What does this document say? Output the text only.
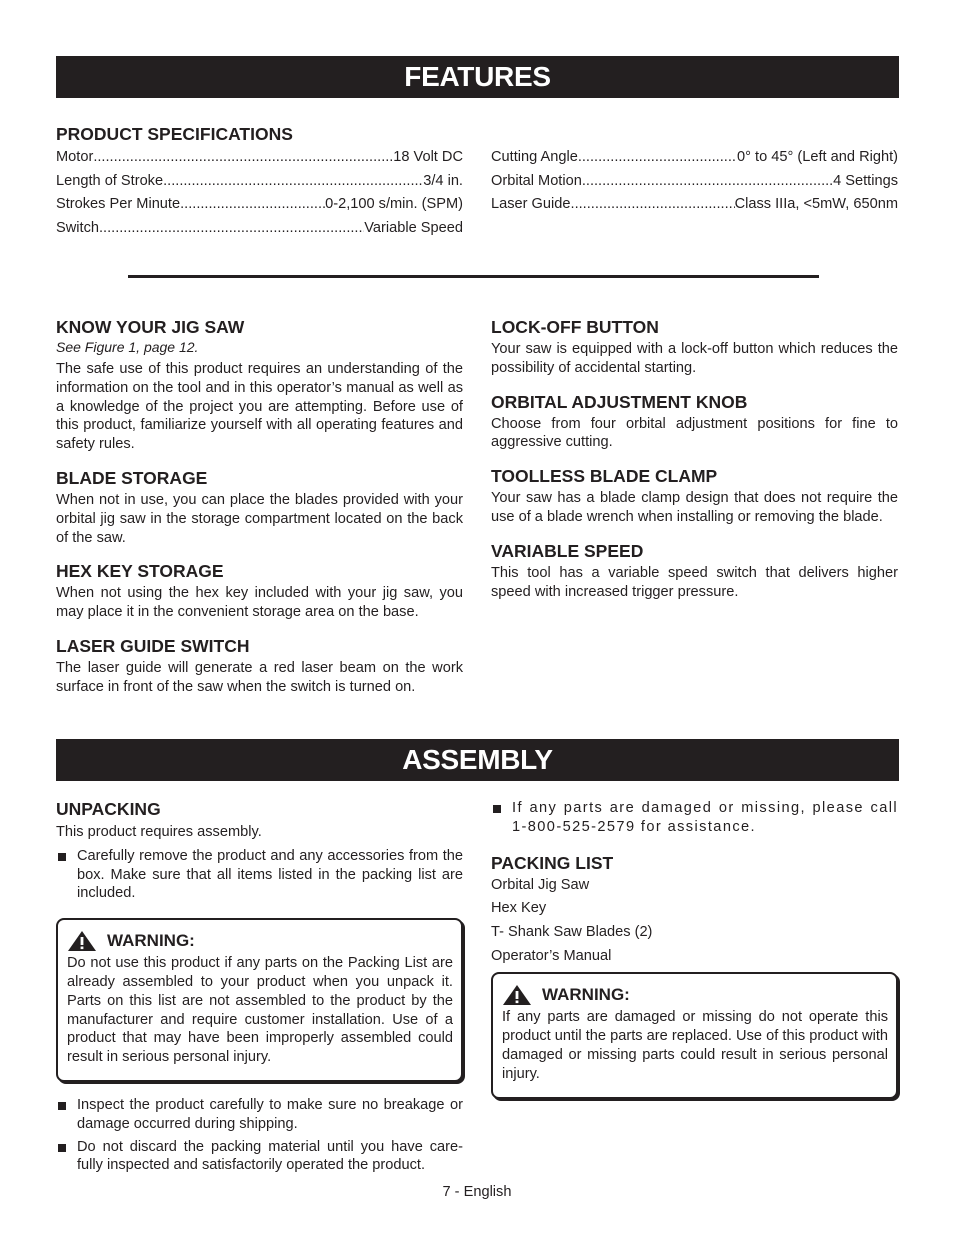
FEATURES
PRODUCT SPECIFICATIONS
Motor .....	18 Volt DC
Length of Stroke .....	3/4 in.
Strokes Per Minute .....	0-2,100 s/min. (SPM)
Switch .....	Variable Speed
Cutting Angle .....	0° to 45° (Left and Right)
Orbital Motion .....	4 Settings
Laser Guide .....	Class IIIa, <5mW, 650nm
KNOW YOUR JIG SAW
See Figure 1, page 12.

The safe use of this product requires an understanding of the information on the tool and in this operator’s manual as well as a knowledge of the project you are attempting. Before use of this product, familiarize yourself with all operating features and safety rules.

BLADE STORAGE

When not in use, you can place the blades provided with your orbital jig saw in the storage compartment located on the back of the saw.

HEX KEY STORAGE

When not using the hex key included with your jig saw, you may place it in the convenient storage area on the base.

LASER GUIDE SWITCH

The laser guide will generate a red laser beam on the work surface in front of the saw when the switch is turned on.

LOCK-OFF BUTTON

Your saw is equipped with a lock-off button which reduces the possibility of accidental starting.

ORBITAL ADJUSTMENT KNOB

Choose from four orbital adjustment positions for fine to aggressive cutting.

TOOLLESS BLADE CLAMP

Your saw has a blade clamp design that does not require the use of a blade wrench when installing or removing the blade.

VARIABLE SPEED

This tool has a variable speed switch that delivers higher speed with increased trigger pressure.

ASSEMBLY
UNPACKING

This product requires assembly.

Carefully remove the product and any accessories from the box. Make sure that all items listed in the packing list are included.
WARNING:

Do not use this product if any parts on the Packing List are already assembled to your product when you unpack it. Parts on this list are not assembled to the product by the manufacturer and require customer installation. Use of a product that may have been improperly assembled could result in serious personal injury.

Inspect the product carefully to make sure no breakage or damage occurred during shipping.
Do not discard the packing material until you have care-fully inspected and satisfactorily operated the product.
If any parts are damaged or missing, please call 1-800-525-2579 for assistance.
PACKING LIST
Orbital Jig Saw
Hex Key
T- Shank Saw Blades (2)
Operator’s Manual
WARNING:

If any parts are damaged or missing do not operate this product until the parts are replaced. Use of this product with damaged or missing parts could result in serious personal injury.

7 - English
